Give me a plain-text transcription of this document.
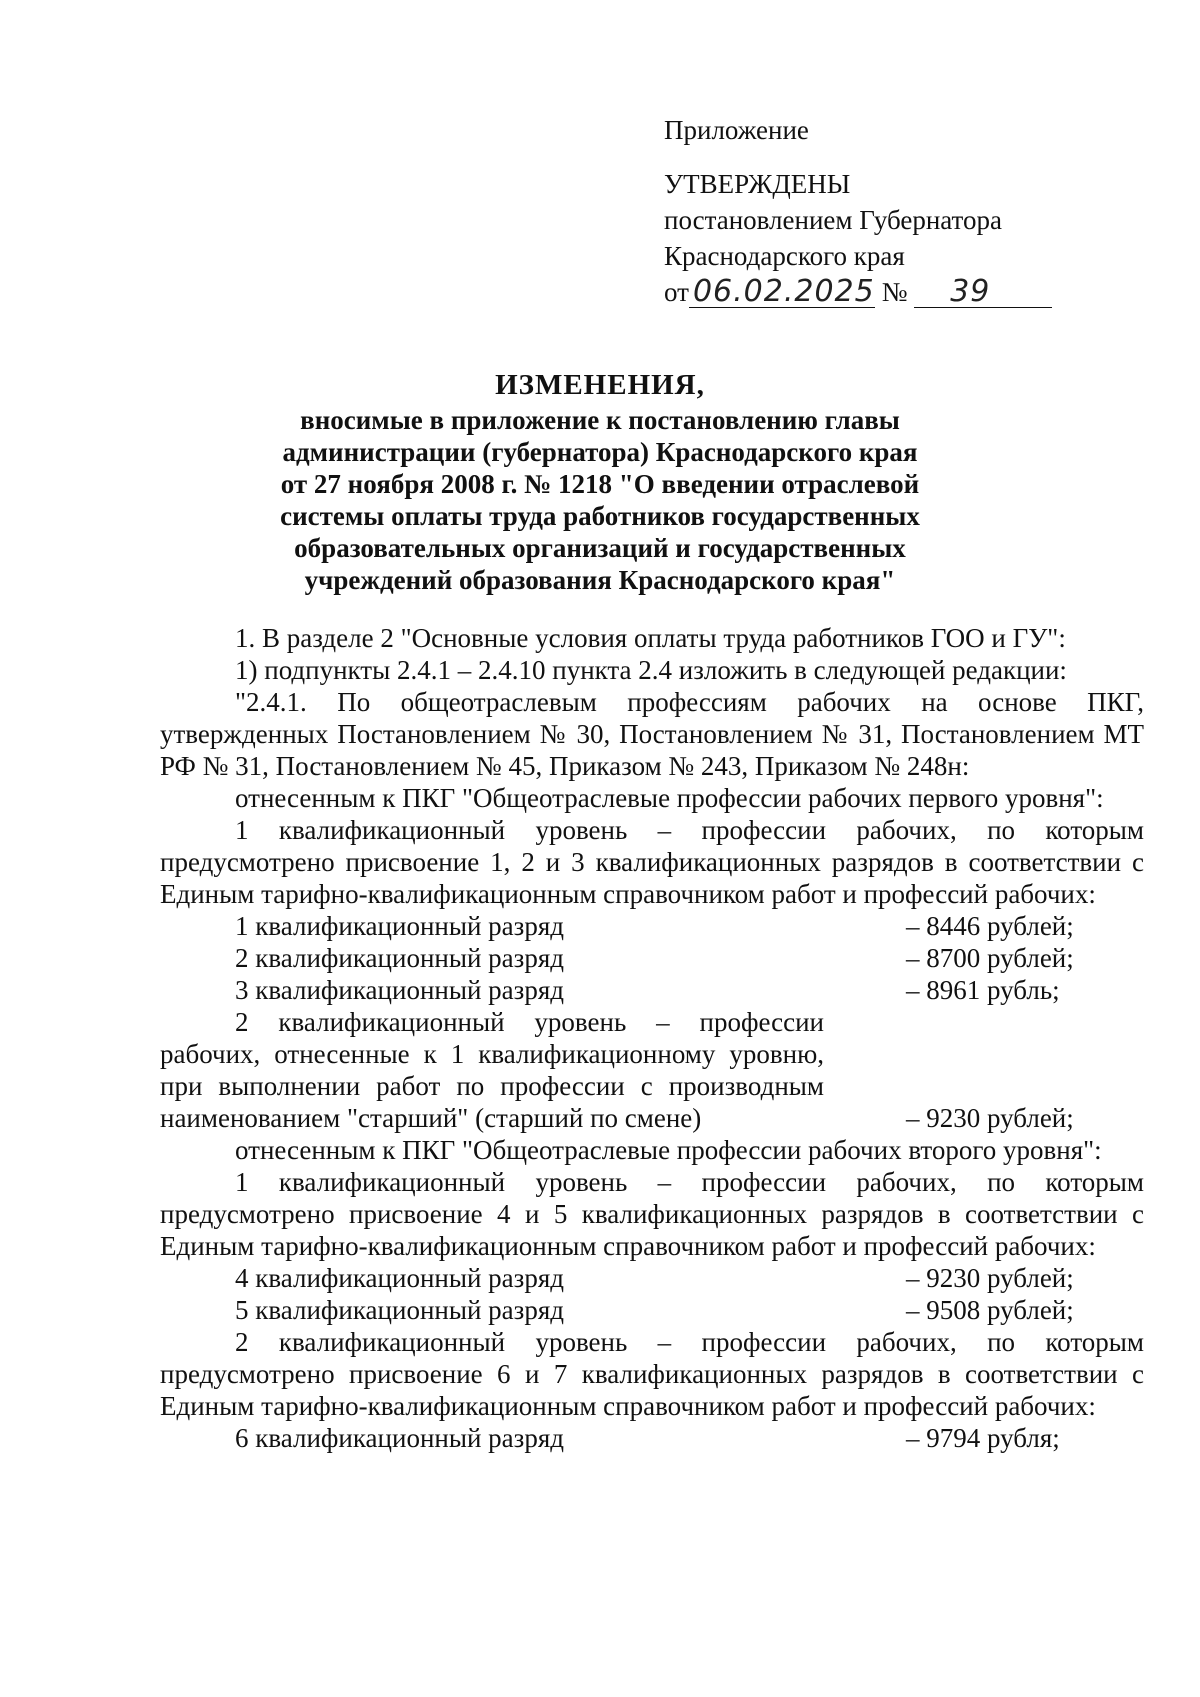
Приложение
УТВЕРЖДЕНЫ
постановлением Губернатора
Краснодарского края
от 06.02.2025 № 39
ИЗМЕНЕНИЯ,
вносимые в приложение к постановлению главы
администрации (губернатора) Краснодарского края
от 27 ноября 2008 г. № 1218 "О введении отраслевой
системы оплаты труда работников государственных
образовательных организаций и государственных
учреждений образования Краснодарского края"

1. В разделе 2 "Основные условия оплаты труда работников ГОО и ГУ":

1) подпункты 2.4.1 – 2.4.10 пункта 2.4 изложить в следующей редакции:

"2.4.1. По общеотраслевым профессиям рабочих на основе ПКГ, утвержденных Постановлением № 30, Постановлением № 31, Постановлением МТ РФ № 31, Постановлением № 45, Приказом № 243, Приказом № 248н:

отнесенным к ПКГ "Общеотраслевые профессии рабочих первого уровня":

1 квалификационный уровень – профессии рабочих, по которым предусмотрено присвоение 1, 2 и 3 квалификационных разрядов в соответствии с Единым тарифно-квалификационным справочником работ и профессий рабочих:

1 квалификационный разряд	– 8446 рублей;
2 квалификационный разряд	– 8700 рублей;
3 квалификационный разряд	– 8961 рубль;
2 квалификационный уровень – профессии рабочих, отнесенные к 1 квалификационному уровню, при выполнении работ по профессии с производным наименованием "старший" (старший по смене)	– 9230 рублей;

отнесенным к ПКГ "Общеотраслевые профессии рабочих второго уровня":

1 квалификационный уровень – профессии рабочих, по которым предусмотрено присвоение 4 и 5 квалификационных разрядов в соответствии с Единым тарифно-квалификационным справочником работ и профессий рабочих:

4 квалификационный разряд	– 9230 рублей;
5 квалификационный разряд	– 9508 рублей;

2 квалификационный уровень – профессии рабочих, по которым предусмотрено присвоение 6 и 7 квалификационных разрядов в соответствии с Единым тарифно-квалификационным справочником работ и профессий рабочих:

6 квалификационный разряд	– 9794 рубля;
